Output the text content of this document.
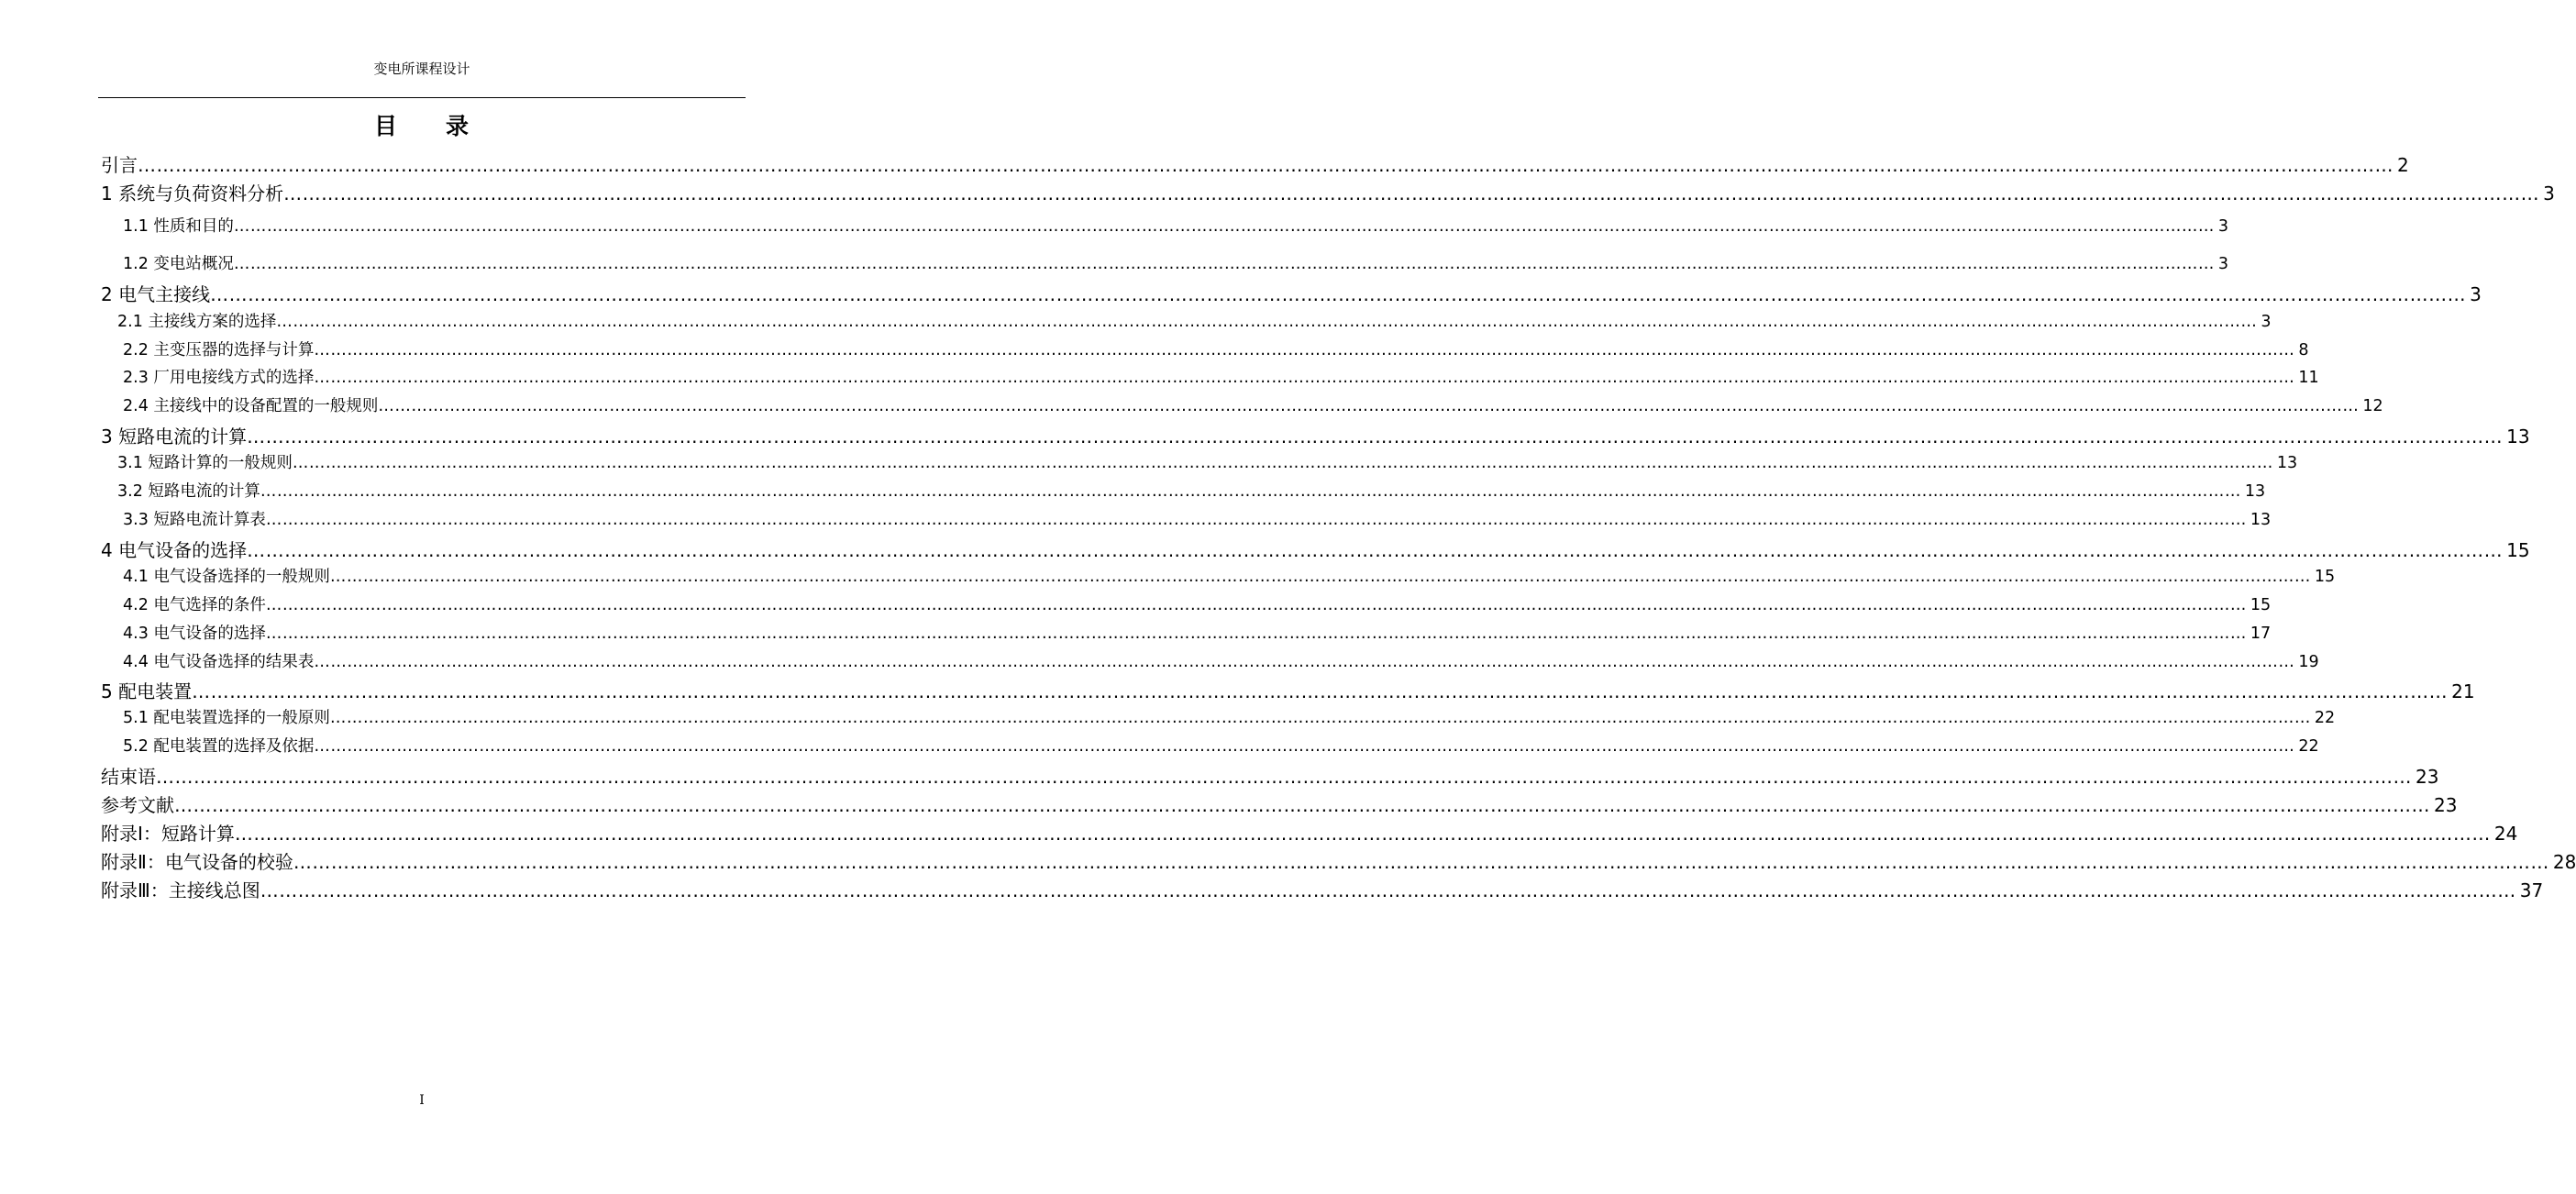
变电所课程设计
目 录
引言 ……………………………………………………………………………………………………………………………………………………………………………………………………………………………………………………………………………………………………………………………… 2
1 系统与负荷资料分析 ……………………………………………………………………………………………………………………………………………………………………………………………………………………………………………………………………………………………………………………………… 3
1.1 性质和目的 ……………………………………………………………………………………………………………………………………………………………………………………………………………………………………………………………………………………………………………………………… 3
1.2 变电站概况 ……………………………………………………………………………………………………………………………………………………………………………………………………………………………………………………………………………………………………………………………… 3
2 电气主接线 ……………………………………………………………………………………………………………………………………………………………………………………………………………………………………………………………………………………………………………………………… 3
2.1 主接线方案的选择 ……………………………………………………………………………………………………………………………………………………………………………………………………………………………………………………………………………………………………………………………… 3
2.2 主变压器的选择与计算 ……………………………………………………………………………………………………………………………………………………………………………………………………………………………………………………………………………………………………………………………… 8
2.3 厂用电接线方式的选择 ……………………………………………………………………………………………………………………………………………………………………………………………………………………………………………………………………………………………………………………………… 11
2.4 主接线中的设备配置的一般规则 ……………………………………………………………………………………………………………………………………………………………………………………………………………………………………………………………………………………………………………………………… 12
3 短路电流的计算 ……………………………………………………………………………………………………………………………………………………………………………………………………………………………………………………………………………………………………………………………… 13
3.1 短路计算的一般规则 ……………………………………………………………………………………………………………………………………………………………………………………………………………………………………………………………………………………………………………………………… 13
3.2 短路电流的计算 ……………………………………………………………………………………………………………………………………………………………………………………………………………………………………………………………………………………………………………………………… 13
3.3 短路电流计算表 ……………………………………………………………………………………………………………………………………………………………………………………………………………………………………………………………………………………………………………………………… 13
4 电气设备的选择 ……………………………………………………………………………………………………………………………………………………………………………………………………………………………………………………………………………………………………………………………… 15
4.1 电气设备选择的一般规则 ……………………………………………………………………………………………………………………………………………………………………………………………………………………………………………………………………………………………………………………………… 15
4.2 电气选择的条件 ……………………………………………………………………………………………………………………………………………………………………………………………………………………………………………………………………………………………………………………………… 15
4.3 电气设备的选择 ……………………………………………………………………………………………………………………………………………………………………………………………………………………………………………………………………………………………………………………………… 17
4.4 电气设备选择的结果表 ……………………………………………………………………………………………………………………………………………………………………………………………………………………………………………………………………………………………………………………………… 19
5 配电装置 ……………………………………………………………………………………………………………………………………………………………………………………………………………………………………………………………………………………………………………………………… 21
5.1 配电装置选择的一般原则 ……………………………………………………………………………………………………………………………………………………………………………………………………………………………………………………………………………………………………………………………… 22
5.2 配电装置的选择及依据 ……………………………………………………………………………………………………………………………………………………………………………………………………………………………………………………………………………………………………………………………… 22
结束语 ……………………………………………………………………………………………………………………………………………………………………………………………………………………………………………………………………………………………………………………………… 23
参考文献 ……………………………………………………………………………………………………………………………………………………………………………………………………………………………………………………………………………………………………………………………… 23
附录Ⅰ：短路计算 ……………………………………………………………………………………………………………………………………………………………………………………………………………………………………………………………………………………………………………………………… 24
附录Ⅱ：电气设备的校验 ……………………………………………………………………………………………………………………………………………………………………………………………………………………………………………………………………………………………………………………………… 28
附录Ⅲ：主接线总图 ……………………………………………………………………………………………………………………………………………………………………………………………………………………………………………………………………………………………………………………………… 37
I
